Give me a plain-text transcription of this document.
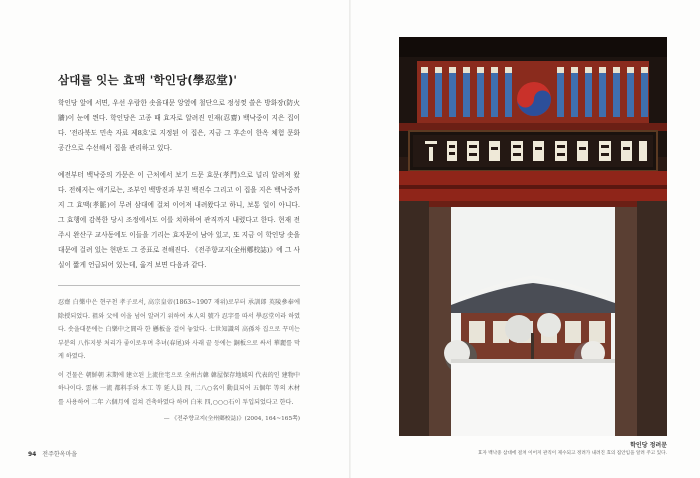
삼대를 잇는 효맥 '학인당(學忍堂)'

학인당 앞에 서면, 우선 우람한 솟을대문 앙옆에 철단으로 정성껏 쓸은 방화장(防火牆)이 눈에 띈다. 학인당은 고종 때 효자로 알려진 인재(忍齋) 백낙중이 지은 집이다. '전라북도 민속 자료 제8호'로 지정된 이 집은, 지금 그 후손이 한옥 체험 문화 공간으로 수선해서 집을 관리하고 있다.

예전부터 백낙중의 가문은 이 근처에서 보기 드문 효문(孝門)으로 널리 알려져 왔다. 전해지는 얘기로는, 조부인 백방진과 부친 백진수 그리고 이 집을 지은 백낙중까지 그 효맥(孝脈)이 무려 삼대에 걸쳐 이어져 내려왔다고 하니, 보통 일이 아니다. 그 효행에 감복한 당시 조정에서도 이를 치하하여 관직까지 내렸다고 한다. 현재 전주시 완산구 교사동에도 이들을 기리는 효자문이 남아 있고, 또 지금 이 학인당 솟을대문에 걸려 있는 현판도 그 증표로 전해진다. 《전주향교지(全州鄕校誌)》에 그 사실이 짧게 언급되어 있는데, 옮겨 보면 다음과 같다.

忍齋 白樂中은 현구천 孝子로서, 高宗皇帝(1863~1907 재위)로부터 承訓郞 英陵參奉에 除授되었다. 祖와 父에 이을 넘어 알려기 위하여 本人의 號가 忍字를 따서 學忍堂이라 하였다. 솟을대문에는 白樂中之閭라 한 懸板을 걸어 놓았다. 七世知識의 高孫차 집으로 꾸미는 부분의 八作지붕 처리가 좋이로우며 추녀(春尾)와 사래 끝 등에는 銅板으로 싸서 華麗를 막게 하였다.

이 건물은 朝鮮朝 末期에 建立된 上流住宅으로 全州古韓 韓屋保存地域의 代表的인 建物中 하나이다. 雲林 一流 都料手와 木工 等 延人員 四, 二八○名이 動員되어 五個年 等의 木材를 사용하여 二年 六個月에 걸쳐 건축하였다 하며 白米 四,○○○石이 투입되었다고 한다.

— 《전주향교지(全州鄕校誌)》(2004, 164~165쪽)
94 전주한옥마을
학인당 정려문
효자 백낙중 삼대에 걸쳐 이어져 관직이 제수되고 정려가 내려진 효의 집안임을 알려 주고 있다.
